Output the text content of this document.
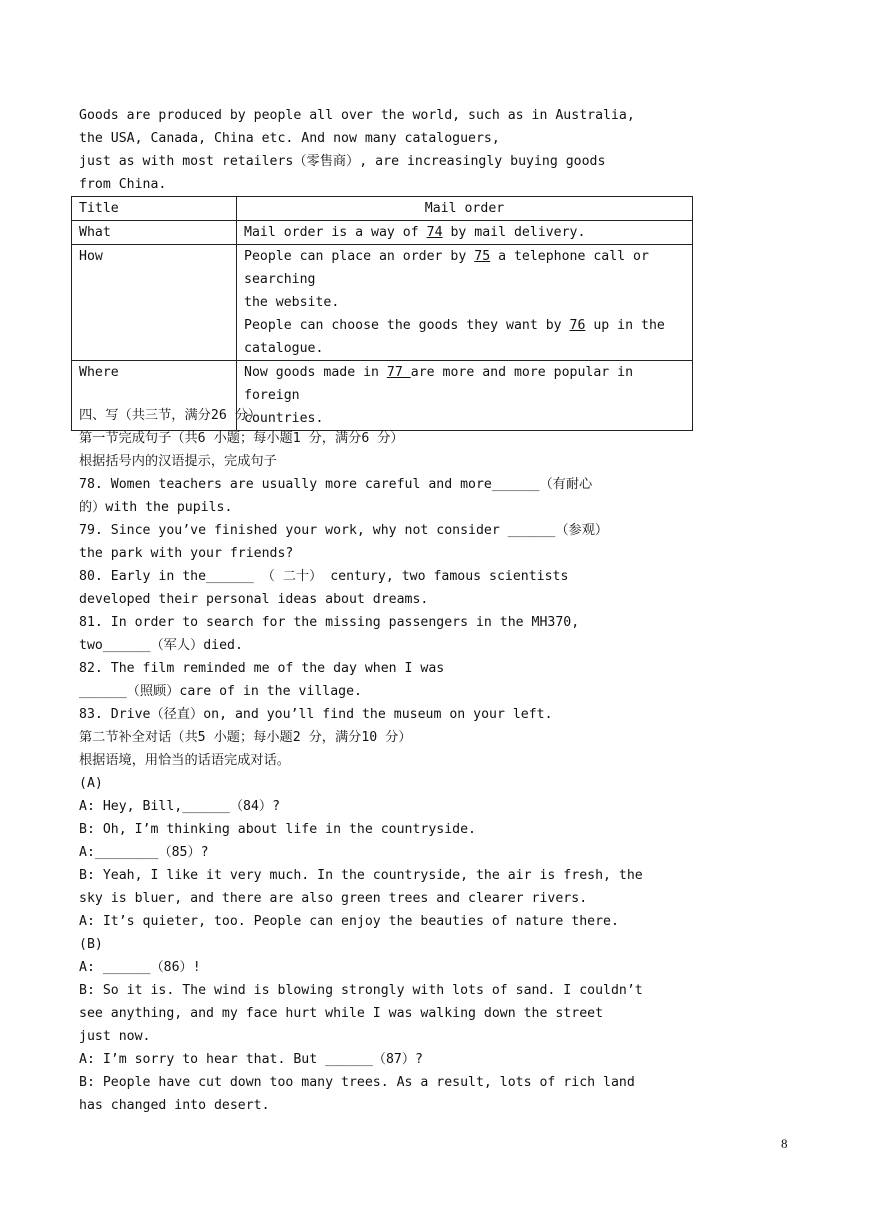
Goods are produced by people all over the world, such as in Australia,
the USA, Canada, China etc. And now many cataloguers,
just as with most retailers（零售商）, are increasingly buying goods
from China.
Title	Mail order
What	Mail order is a way of 74 by mail delivery.
How	People can place an order by 75 a telephone call or searching
the website.
People can choose the goods they want by 76 up in the
catalogue.

Where	Now goods made in 77 are more and more popular in foreign
countries.
四、写（共三节，满分26 分）
第一节完成句子（共6 小题；每小题1 分，满分6 分）
根据括号内的汉语提示，完成句子
78. Women teachers are usually more careful and more______（有耐心
的）with the pupils.
79. Since you’ve finished your work, why not consider ______（参观）
the park with your friends?
80. Early in the______ （ 二十） century, two famous scientists
developed their personal ideas about dreams.
81. In order to search for the missing passengers in the MH370,
two______（军人）died.
82. The film reminded me of the day when I was
______（照顾）care of in the village.
83. Drive（径直）on, and you’ll find the museum on your left.
第二节补全对话（共5 小题；每小题2 分，满分10 分）
根据语境，用恰当的话语完成对话。
(A)
A: Hey, Bill,______（84）?
B: Oh, I’m thinking about life in the countryside.
A:________（85）?
B: Yeah, I like it very much. In the countryside, the air is fresh, the
sky is bluer, and there are also green trees and clearer rivers.
A: It’s quieter, too. People can enjoy the beauties of nature there.
(B)
A: ______（86）!
B: So it is. The wind is blowing strongly with lots of sand. I couldn’t
see anything, and my face hurt while I was walking down the street
just now.
A: I’m sorry to hear that. But ______（87）?
B: People have cut down too many trees. As a result, lots of rich land
has changed into desert.
8
